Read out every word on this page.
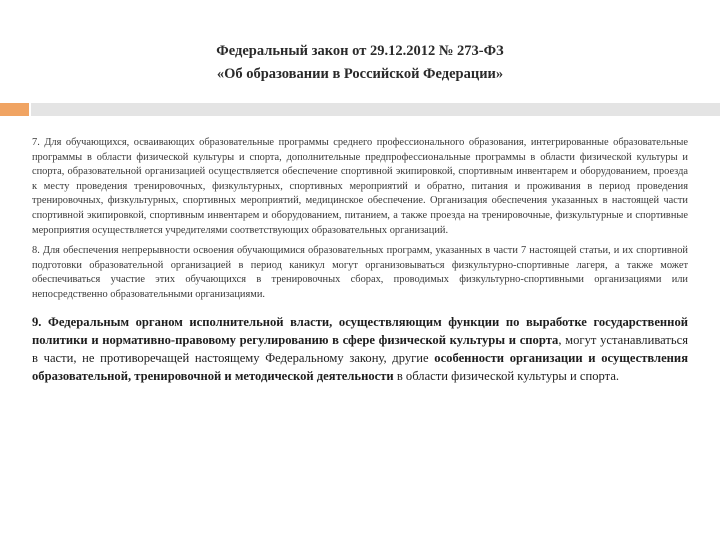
Федеральный закон от 29.12.2012 № 273-ФЗ
«Об образовании в Российской Федерации»

7. Для обучающихся, осваивающих образовательные программы среднего профессионального образования, интегрированные образовательные программы в области физической культуры и спорта, дополнительные предпрофессиональные программы в области физической культуры и спорта, образовательной организацией осуществляется обеспечение спортивной экипировкой, спортивным инвентарем и оборудованием, проезда к месту проведения тренировочных, физкультурных, спортивных мероприятий и обратно, питания и проживания в период проведения тренировочных, физкультурных, спортивных мероприятий, медицинское обеспечение. Организация обеспечения указанных в настоящей части спортивной экипировкой, спортивным инвентарем и оборудованием, питанием, а также проезда на тренировочные, физкультурные и спортивные мероприятия осуществляется учредителями соответствующих образовательных организаций.

8. Для обеспечения непрерывности освоения обучающимися образовательных программ, указанных в части 7 настоящей статьи, и их спортивной подготовки образовательной организацией в период каникул могут организовываться физкультурно-спортивные лагеря, а также может обеспечиваться участие этих обучающихся в тренировочных сборах, проводимых физкультурно-спортивными организациями или непосредственно образовательными организациями.

9. Федеральным органом исполнительной власти, осуществляющим функции по выработке государственной политики и нормативно-правовому регулированию в сфере физической культуры и спорта, могут устанавливаться в части, не противоречащей настоящему Федеральному закону, другие особенности организации и осуществления образовательной, тренировочной и методической деятельности в области физической культуры и спорта.
